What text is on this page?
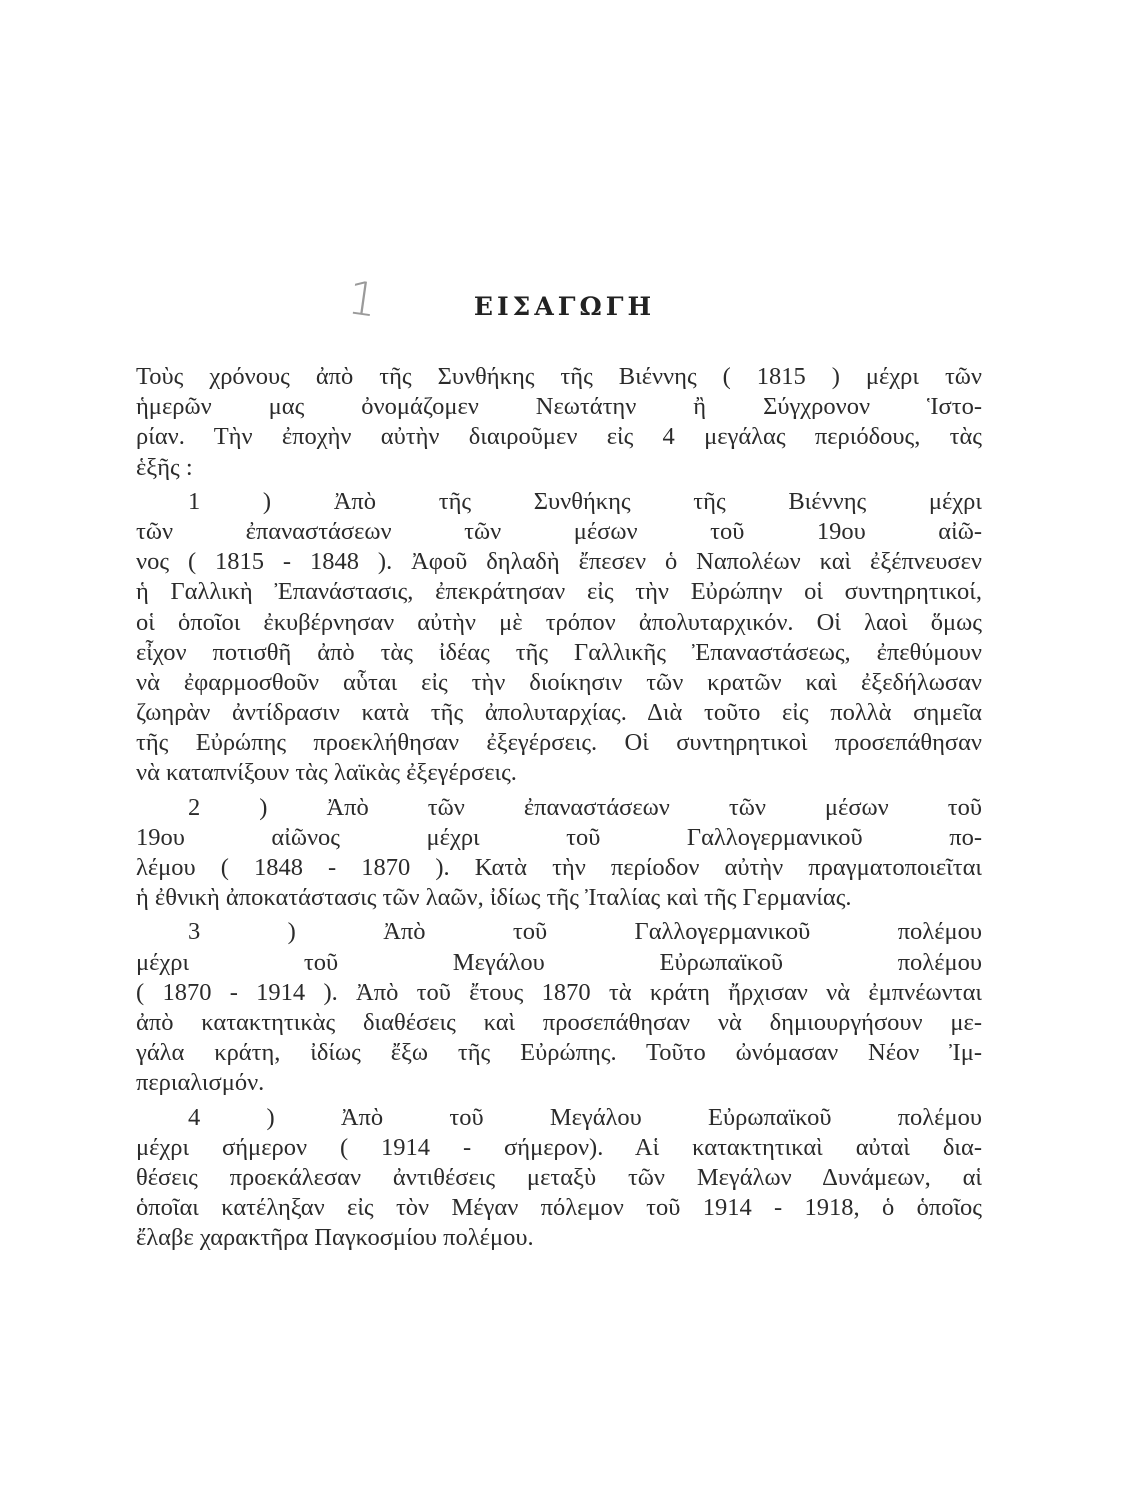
1	ΕΙΣΑΓΩΓΗ
Τοὺς χρόνους ἀπὸ τῆς Συνθήκης τῆς Βιέννης ( 1815 ) μέχρι τῶν
ἡμερῶν μας ὀνομάζομεν Νεωτάτην ἢ Σύγχρονον Ἱστο-
ρίαν. Τὴν ἐποχὴν αὐτὴν διαιροῦμεν εἰς 4 μεγάλας περιόδους, τὰς
ἑξῆς :
1 ) Ἀπὸ τῆς Συνθήκης τῆς Βιέννης μέχρι
τῶν ἐπαναστάσεων τῶν μέσων τοῦ 19ου αἰῶ-
νος ( 1815 - 1848 ). Ἀφοῦ δηλαδὴ ἔπεσεν ὁ Ναπολέων καὶ ἐξέπνευσεν
ἡ Γαλλικὴ Ἐπανάστασις, ἐπεκράτησαν εἰς τὴν Εὐρώπην οἱ συντηρητικοί,
οἱ ὁποῖοι ἐκυβέρνησαν αὐτὴν μὲ τρόπον ἀπολυταρχικόν. Οἱ λαοὶ ὅμως
εἶχον ποτισθῆ ἀπὸ τὰς ἰδέας τῆς Γαλλικῆς Ἐπαναστάσεως, ἐπεθύμουν
νὰ ἐφαρμοσθοῦν αὗται εἰς τὴν διοίκησιν τῶν κρατῶν καὶ ἐξεδήλωσαν
ζωηρὰν ἀντίδρασιν κατὰ τῆς ἀπολυταρχίας. Διὰ τοῦτο εἰς πολλὰ σημεῖα
τῆς Εὐρώπης προεκλήθησαν ἐξεγέρσεις. Οἱ συντηρητικοὶ προσεπάθησαν
νὰ καταπνίξουν τὰς λαϊκὰς ἐξεγέρσεις.
2 ) Ἀπὸ τῶν ἐπαναστάσεων τῶν μέσων τοῦ
19ου αἰῶνος μέχρι τοῦ Γαλλογερμανικοῦ πο-
λέμου ( 1848 - 1870 ). Κατὰ τὴν περίοδον αὐτὴν πραγματοποιεῖται
ἡ ἐθνικὴ ἀποκατάστασις τῶν λαῶν, ἰδίως τῆς Ἰταλίας καὶ τῆς Γερμανίας.
3 ) Ἀπὸ τοῦ Γαλλογερμανικοῦ πολέμου
μέχρι τοῦ Μεγάλου Εὐρωπαϊκοῦ πολέμου
( 1870 - 1914 ). Ἀπὸ τοῦ ἔτους 1870 τὰ κράτη ἤρχισαν νὰ ἐμπνέωνται
ἀπὸ κατακτητικὰς διαθέσεις καὶ προσεπάθησαν νὰ δημιουργήσουν με-
γάλα κράτη, ἰδίως ἔξω τῆς Εὐρώπης. Τοῦτο ὠνόμασαν Νέον Ἰμ-
περιαλισμόν.
4 ) Ἀπὸ τοῦ Μεγάλου Εὐρωπαϊκοῦ πολέμου
μέχρι σήμερον ( 1914 - σήμερον). Αἱ κατακτητικαὶ αὐταὶ δια-
θέσεις προεκάλεσαν ἀντιθέσεις μεταξὺ τῶν Μεγάλων Δυνάμεων, αἱ
ὁποῖαι κατέληξαν εἰς τὸν Μέγαν πόλεμον τοῦ 1914 - 1918, ὁ ὁποῖος
ἔλαβε χαρακτῆρα Παγκοσμίου πολέμου.
